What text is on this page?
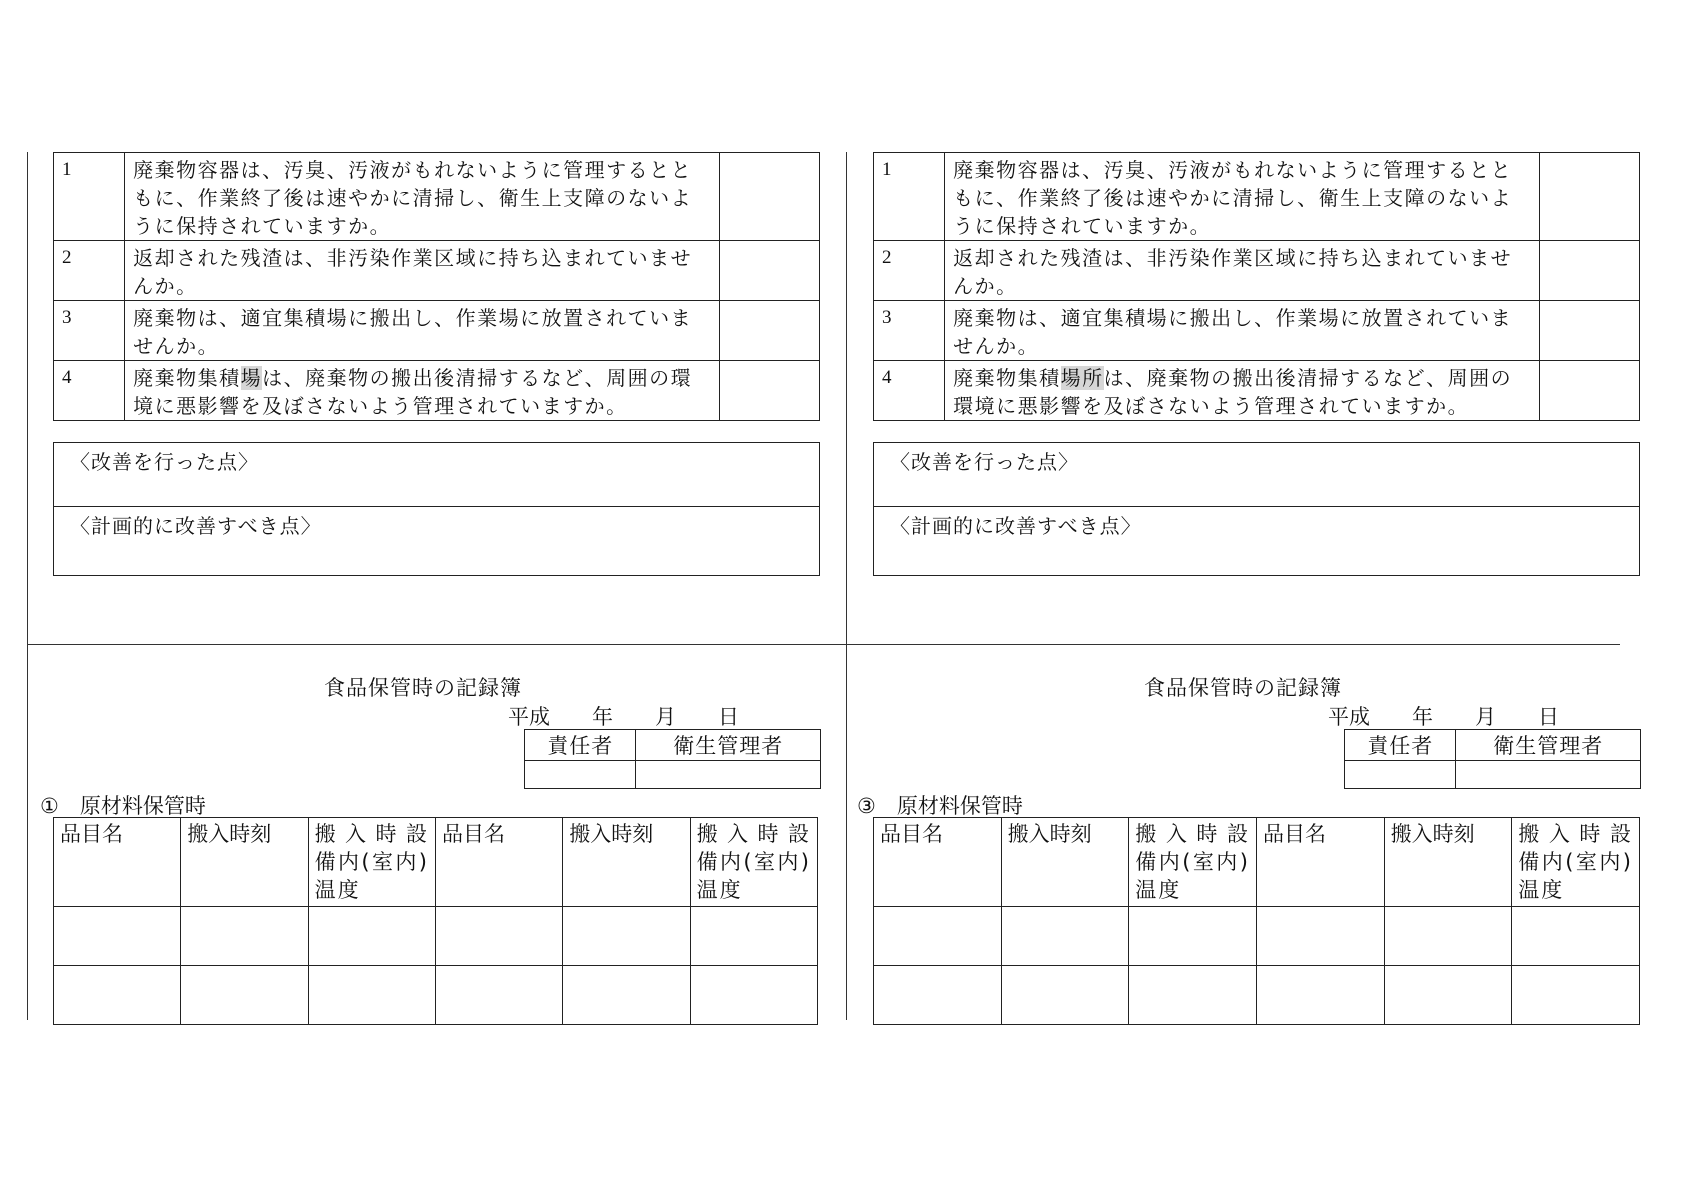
1	廃棄物容器は、汚臭、汚液がもれないように管理するとともに、作業終了後は速やかに清掃し、衛生上支障のないように保持されていますか。	
2	返却された残渣は、非汚染作業区域に持ち込まれていませんか。	
3	廃棄物は、適宜集積場に搬出し、作業場に放置されていませんか。	
4	廃棄物集積場は、廃棄物の搬出後清掃するなど、周囲の環境に悪影響を及ぼさないよう管理されていますか。	
〈改善を行った点〉
〈計画的に改善すべき点〉
食品保管時の記録簿
平成　　年　　月　　日
責任者	衛生管理者

①　原材料保管時
品目名	搬入時刻	搬入時設備内(室内)温度	品目名	搬入時刻	搬入時設備内(室内)温度

1	廃棄物容器は、汚臭、汚液がもれないように管理するとともに、作業終了後は速やかに清掃し、衛生上支障のないように保持されていますか。	
2	返却された残渣は、非汚染作業区域に持ち込まれていませんか。	
3	廃棄物は、適宜集積場に搬出し、作業場に放置されていませんか。	
4	廃棄物集積場所は、廃棄物の搬出後清掃するなど、周囲の環境に悪影響を及ぼさないよう管理されていますか。	
〈改善を行った点〉
〈計画的に改善すべき点〉
食品保管時の記録簿
平成　　年　　月　　日
責任者	衛生管理者

③　原材料保管時
品目名	搬入時刻	搬入時設備内(室内)温度	品目名	搬入時刻	搬入時設備内(室内)温度
